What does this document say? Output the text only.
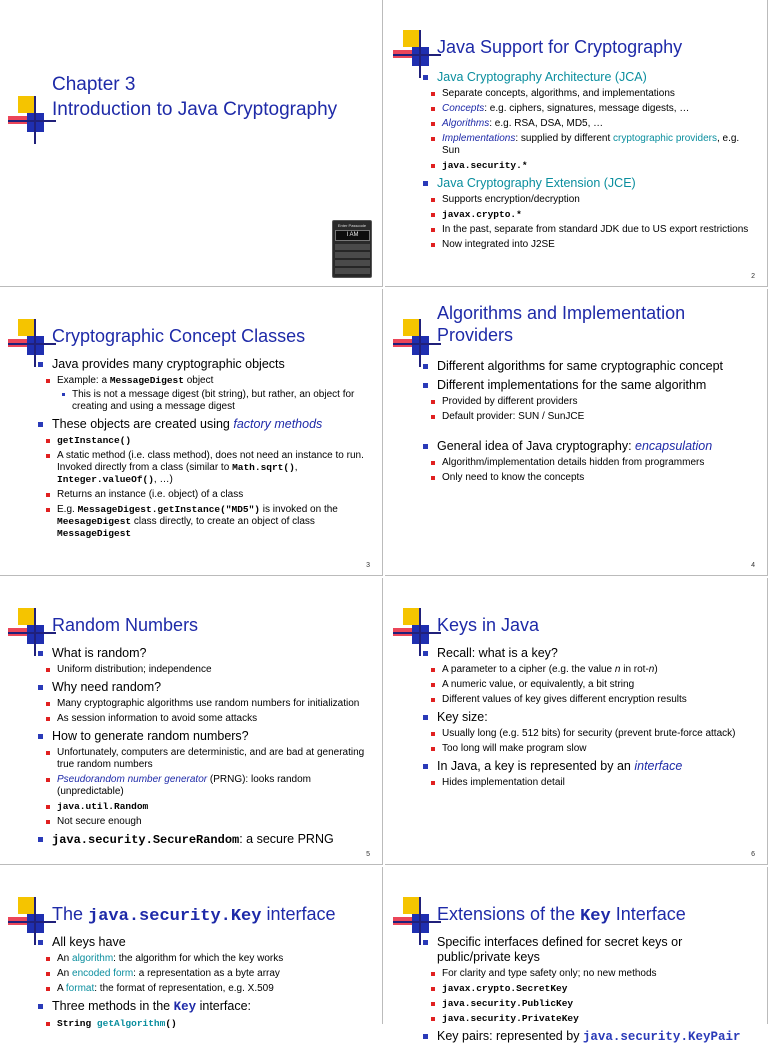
Chapter 3
Introduction to Java Cryptography
Enter Passcode
I AM
Java Support for Cryptography
Java Cryptography Architecture (JCA)
Separate concepts, algorithms, and implementations
Concepts: e.g. ciphers, signatures, message digests, …
Algorithms: e.g. RSA, DSA, MD5, …
Implementations: supplied by different cryptographic providers, e.g. Sun
java.security.*
Java Cryptography Extension (JCE)
Supports encryption/decryption
javax.crypto.*
In the past, separate from standard JDK due to US export restrictions
Now integrated into J2SE
2
Cryptographic Concept Classes
Java provides many cryptographic objects
Example: a MessageDigest object
This is not a message digest (bit string), but rather, an object for creating and using a message digest
These objects are created using factory methods
getInstance()
A static method (i.e. class method), does not need an instance to run. Invoked directly from a class (similar to Math.sqrt(), Integer.valueOf(), …)
Returns an instance (i.e. object) of a class
E.g. MessageDigest.getInstance("MD5") is invoked on the MeesageDigest class directly, to create an object of class MessageDigest
3
Algorithms and Implementation Providers
Different algorithms for same cryptographic concept
Different implementations for the same algorithm
Provided by different providers
Default provider: SUN / SunJCE
General idea of Java cryptography: encapsulation
Algorithm/implementation details hidden from programmers
Only need to know the concepts
4
Random Numbers
What is random?
Uniform distribution; independence
Why need random?
Many cryptographic algorithms use random numbers for initialization
As session information to avoid some attacks
How to generate random numbers?
Unfortunately, computers are deterministic, and are bad at generating true random numbers
Pseudorandom number generator (PRNG): looks random (unpredictable)
java.util.Random
Not secure enough
java.security.SecureRandom: a secure PRNG
5
Keys in Java
Recall: what is a key?
A parameter to a cipher (e.g. the value n in rot-n)
A numeric value, or equivalently, a bit string
Different values of key gives different encryption results
Key size:
Usually long (e.g. 512 bits) for security (prevent brute-force attack)
Too long will make program slow
In Java, a key is represented by an interface
Hides implementation detail
6
The java.security.Key interface
All keys have
An algorithm: the algorithm for which the key works
An encoded form: a representation as a byte array
A format: the format of representation, e.g. X.509
Three methods in the Key interface:
String getAlgorithm()
Extensions of the Key Interface
Specific interfaces defined for secret keys or public/private keys
For clarity and type safety only; no new methods
javax.crypto.SecretKey
java.security.PublicKey
java.security.PrivateKey
Key pairs: represented by java.security.KeyPair
